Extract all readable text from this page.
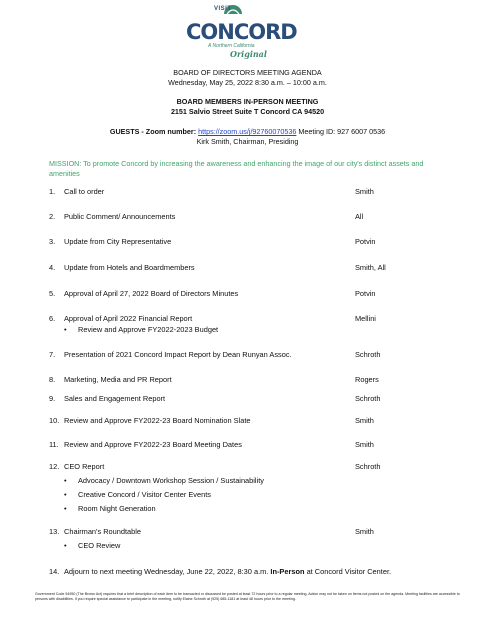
VISIT
CONCORD
A Northern California
Original
BOARD OF DIRECTORS MEETING AGENDA
Wednesday, May 25, 2022 8:30 a.m. – 10:00 a.m.
BOARD MEMBERS IN-PERSON MEETING
2151 Salvio Street Suite T Concord CA 94520
GUESTS - Zoom number: https://zoom.us/j/92760070536 Meeting ID: 927 6007 0536
Kirk Smith, Chairman, Presiding
MISSION: To promote Concord by increasing the awareness and enhancing the image of our city's distinct assets and amenities
1. Call to order	Smith
2. Public Comment/ Announcements	All
3. Update from City Representative	Potvin
4. Update from Hotels and Boardmembers	Smith, All
5. Approval of April 27, 2022 Board of Directors Minutes	Potvin
6. Approval of April 2022 Financial Report	Mellini
• Review and Approve FY2022-2023 Budget
7. Presentation of 2021 Concord Impact Report by Dean Runyan Assoc.	Schroth
8. Marketing, Media and PR Report	Rogers
9. Sales and Engagement Report	Schroth
10. Review and Approve FY2022-23 Board Nomination Slate	Smith
11. Review and Approve FY2022-23 Board Meeting Dates	Smith
12. CEO Report	Schroth
• Advocacy / Downtown Workshop Session / Sustainability
• Creative Concord / Visitor Center Events
• Room Night Generation
13. Chairman's Roundtable	Smith
• CEO Review
14. Adjourn to next meeting Wednesday, June 22, 2022, 8:30 a.m. In-Person at Concord Visitor Center.
Government Code 54950 (The Brown Act) requires that a brief description of each item to be transacted or discussed be posted at least 72 hours prior to a regular meeting. Action may not be taken on items not posted on the agenda. Meeting facilities are accessible to persons with disabilities. If you require special assistance to participate in the meeting, notify Elaine Schroth at (925) 685-1181 at least 48 hours prior to the meeting.
